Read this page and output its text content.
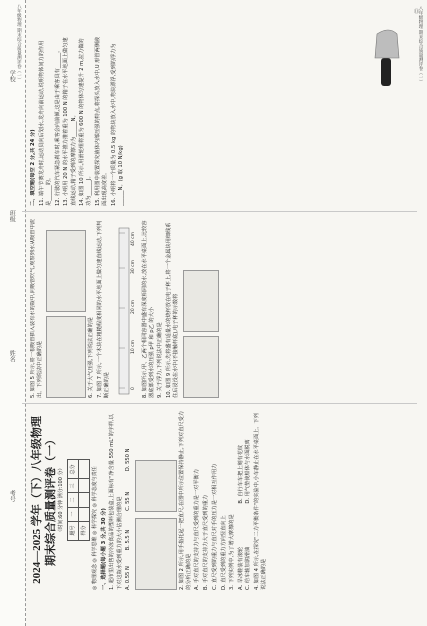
学校
班级
姓名
考号
八年级物理 期末综合质量测评卷（一）	八年级物理 期末综合质量测评卷（一）
⑪
2024—2025 学年（下）八年级物理 期末综合质量测评卷（一） （时间:60 分钟 满分:100 分） 题号	一	二	三	总分
得分				◎ 物理观念 ◎ 科学思维 ◎ 科学探究 ◎ 科学态度与责任 一、选择题(每小题 3 分,共 30 分) 1. 超市里出售的冷冻食品的塑料包装盒,上面标有"净含量 550 mL"的字样,以下对这瓶水受到重力的大小估测合理的是 A. 0.55 NB. 5.5 NC. 55 ND. 550 N	2. 如图 2 所示,用手指托起一把直尺,在图中所示位置保持静止,下列对直尺受力的分析正确的是 A. 手对直尺的支持力与直尺受到的重力是一对平衡力 B. 手对直尺的支持力大于直尺受到的重力 C. 直尺受到的重力与直尺对手的压力是一对相互作用力 D. 直尺受到的重力方向竖直向上 3. 下列实例中,为了增大摩擦的是 A. 旱冰鞋装有滚轮B. 自行车车把上刻有花纹 C. 给车轴加润滑油D. 用气垫使船体与水面脱离 4. 如图 4 所示,在探究"二力平衡条件"的实验中,小车静止在水平桌面上。下列说法正确的是

5. 如图 5 所示,将一根吸管插入装有水的瓶中,向吸管吹气,观察到水从吸管中流出。下列说法中正确的是	6. 关于大气压强,下列说法正确的是 7. 如图 7 所示,一个木块在粗糙程度相同的水平地面上做匀速直线运动,下列判断正确的是	0
10 cm
20 cm
30 cm
40 cm 8. 如图所示,甲、乙两个相同容器中盛有深度相同的水,放在水平桌面上,比较容器底部受到水的压强 p甲 和 p乙 的大小 9. 关于浮力,下列说法中正确的是 10. 如图 9 所示,先将盛有适量水的烧杯放在电子秤上,将一个金属块用细线系住后浸没在水中(不接触杯底),电子秤的示数将

二、填空题(每空 2 分,共 24 分) 11. 端午节赛龙舟时,运动员向后划水,龙舟向前运动,说明物体间力的作用是______的。 12. 行驶的汽车紧急刹车时,乘客会向前倾,这是由于乘客具有______。 13. 小明用 20 N 的水平推力推着重为 100 N 的箱子在水平地面上做匀速直线运动,箱子受到的摩擦力为______N。 14. 如图 10 所示,用滑轮组将重为 600 N 的物体匀速提升 2 m,拉力做的功为______J。 15. 利用图中装置探究液体内部压强的特点,将探头放入水中,U 形管两侧液面出现高度差。 16. 小明将一个质量为 0.5 kg 的物块放入水中,物块漂浮,受到的浮力为______N。(g 取 10 N/kg)
